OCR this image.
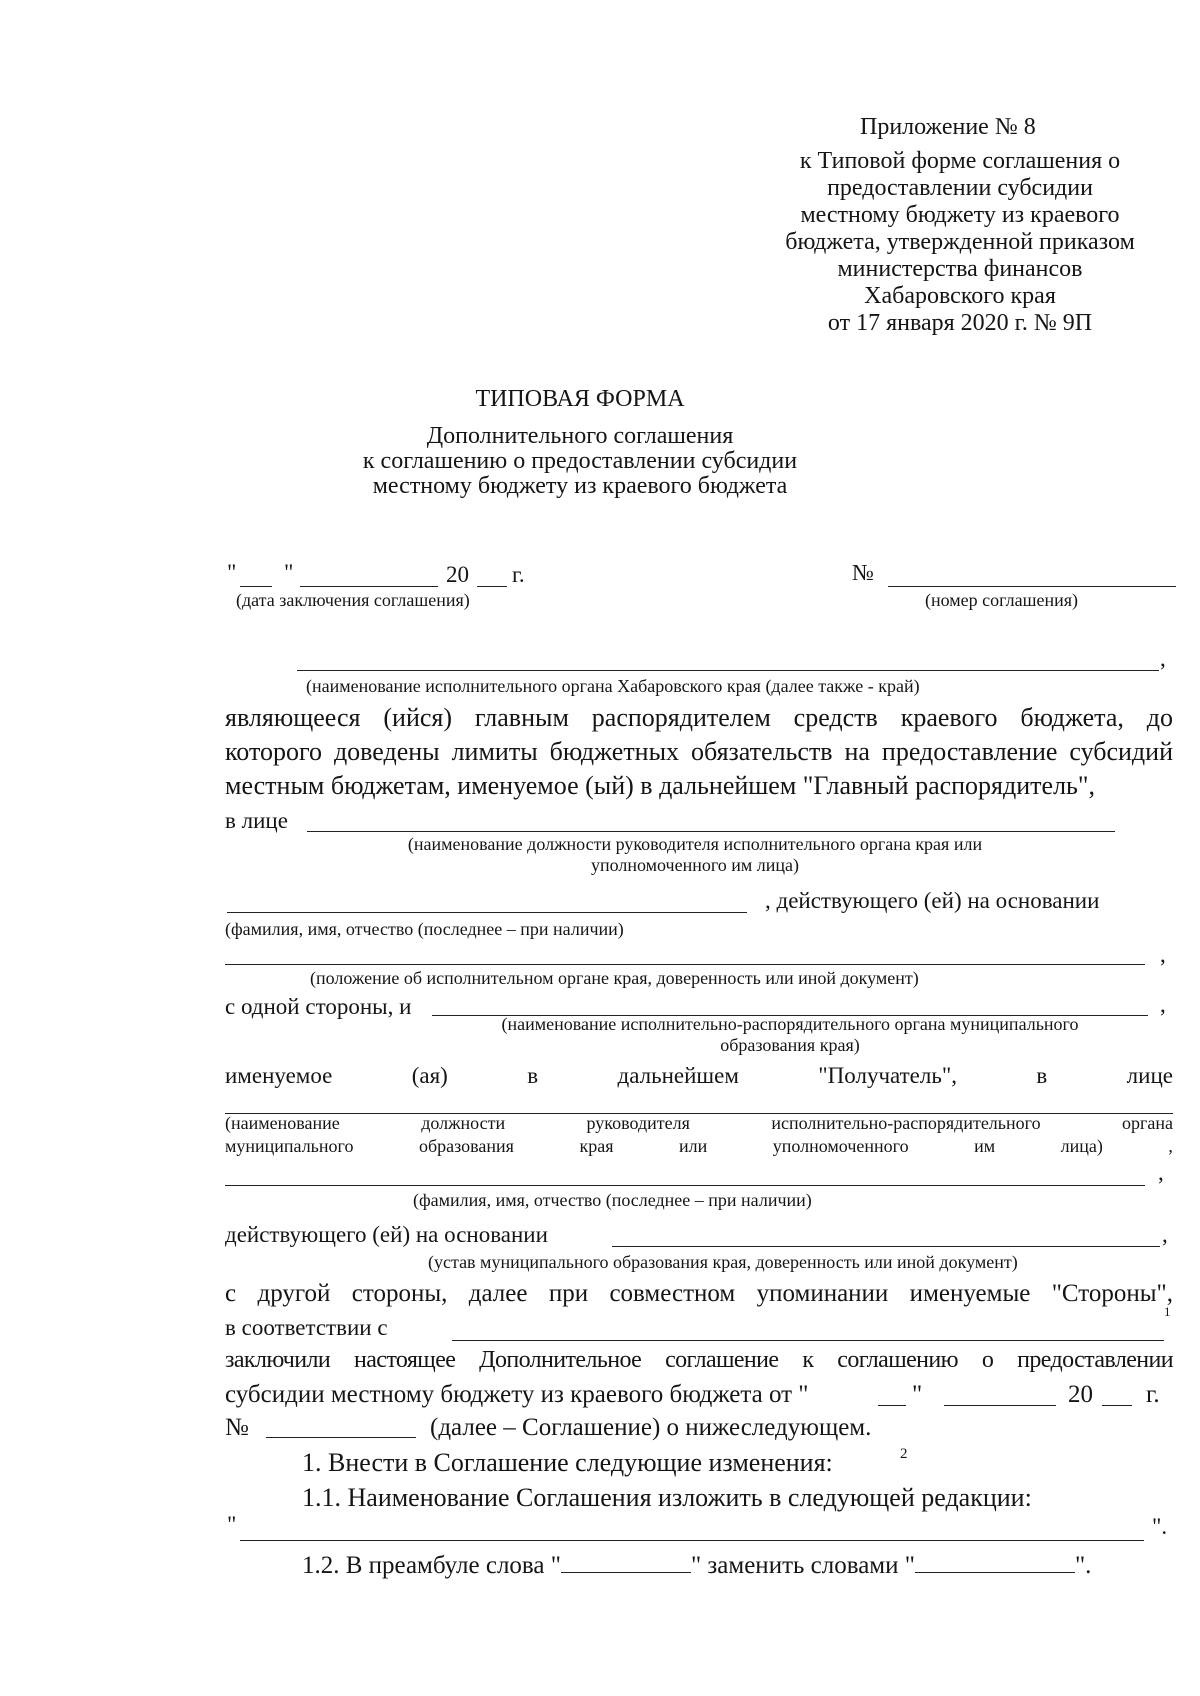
Приложение № 8
к Типовой форме соглашения о
предоставлении субсидии
местному бюджету из краевого
бюджета, утвержденной приказом
министерства финансов
Хабаровского края
от 17 января 2020 г. № 9П
ТИПОВАЯ ФОРМА
Дополнительного соглашения
к соглашению о предоставлении субсидии
местному бюджету из краевого бюджета
" "	20 г.
(дата заключения соглашения)
№
(номер соглашения)
,
(наименование исполнительного органа Хабаровского края (далее также - край)
являющееся (ийся) главным распорядителем средств краевого бюджета, до
которого доведены лимиты бюджетных обязательств на предоставление субсидий
местным бюджетам, именуемое (ый) в дальнейшем "Главный распорядитель",
в лице
(наименование должности руководителя исполнительного органа края или
уполномоченного им лица)
, действующего (ей) на основании
(фамилия, имя, отчество (последнее – при наличии)
,
(положение об исполнительном органе края, доверенность или иной документ)
с одной стороны, и	,
(наименование исполнительно-распорядительного органа муниципального
образования края)
именуемое	(ая)	в	дальнейшем	"Получатель",	в	лице
(наименование	должности	руководителя	исполнительно-распорядительного	органа
муниципального	образования	края	или	уполномоченного	им	лица)	,
,
(фамилия, имя, отчество (последнее – при наличии)
действующего (ей) на основании	,
(устав муниципального образования края, доверенность или иной документ)
с другой стороны, далее при совместном упоминании именуемые "Стороны",
в соответствии с
1
заключили настоящее Дополнительное соглашение к соглашению о предоставлении
субсидии местному бюджету из краевого бюджета от "	"	20 г.
№	(далее – Соглашение) о нижеследующем.
1. Внести в Соглашение следующие изменения:	2
1.1. Наименование Соглашения изложить в следующей редакции:
"	".
1.2. В преамбуле слова "	" заменить словами "	".
